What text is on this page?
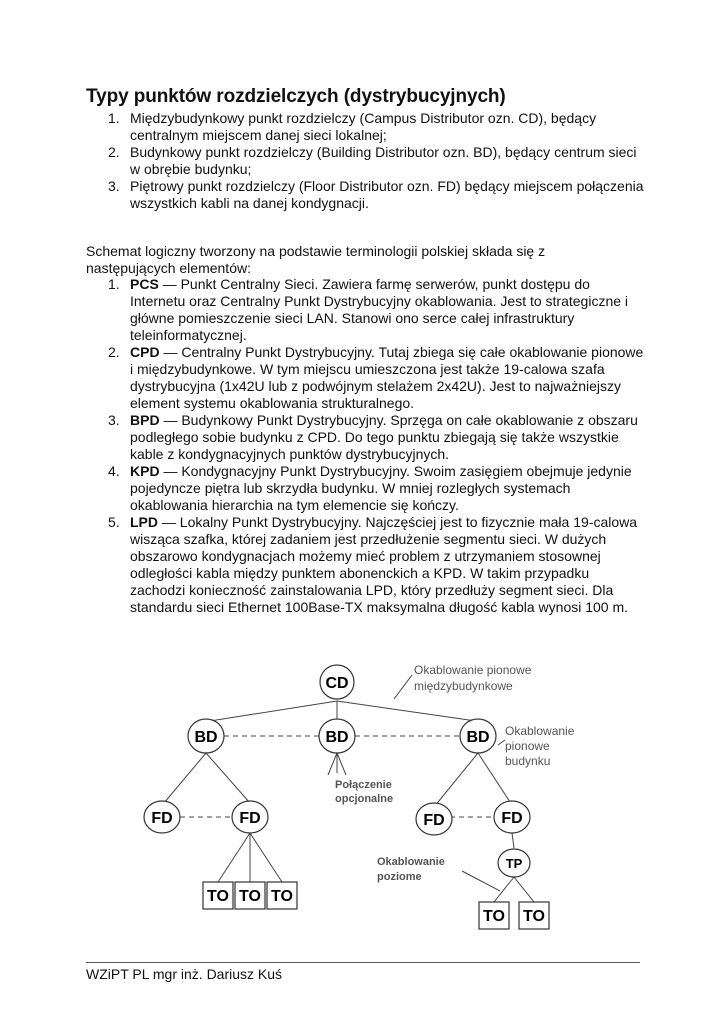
Typy punktów rozdzielczych (dystrybucyjnych)
1. Międzybudynkowy punkt rozdzielczy (Campus Distributor ozn. CD), będący centralnym miejscem danej sieci lokalnej;
2. Budynkowy punkt rozdzielczy (Building Distributor ozn. BD), będący centrum sieci w obrębie budynku;
3. Piętrowy punkt rozdzielczy (Floor Distributor ozn. FD) będący miejscem połączenia wszystkich kabli na danej kondygnacji.

Schemat logiczny tworzony na podstawie terminologii polskiej składa się z następujących elementów:

1. PCS — Punkt Centralny Sieci. Zawiera farmę serwerów, punkt dostępu do Internetu oraz Centralny Punkt Dystrybucyjny okablowania. Jest to strategiczne i główne pomieszczenie sieci LAN. Stanowi ono serce całej infrastruktury teleinformatycznej.
2. CPD — Centralny Punkt Dystrybucyjny. Tutaj zbiega się całe okablowanie pionowe i międzybudynkowe. W tym miejscu umieszczona jest także 19-calowa szafa dystrybucyjna (1x42U lub z podwójnym stelażem 2x42U). Jest to najważniejszy element systemu okablowania strukturalnego.
3. BPD — Budynkowy Punkt Dystrybucyjny. Sprzęga on całe okablowanie z obszaru podległego sobie budynku z CPD. Do tego punktu zbiegają się także wszystkie kable z kondygnacyjnych punktów dystrybucyjnych.
4. KPD — Kondygnacyjny Punkt Dystrybucyjny. Swoim zasięgiem obejmuje jedynie pojedyncze piętra lub skrzydła budynku. W mniej rozległych systemach okablowania hierarchia na tym elemencie się kończy.
5. LPD — Lokalny Punkt Dystrybucyjny. Najczęściej jest to fizycznie mała 19-calowa wisząca szafka, której zadaniem jest przedłużenie segmentu sieci. W dużych obszarowo kondygnacjach możemy mieć problem z utrzymaniem stosownej odległości kabla między punktem abonenckich a KPD. W takim przypadku zachodzi konieczność zainstalowania LPD, który przedłuży segment sieci. Dla standardu sieci Ethernet 100Base-TX maksymalna długość kabla wynosi 100 m.
CD
BD	BD	BD
FD	FD	FD	FD
TP
TO TO TO
TO TO
Okablowanie pionowe
międzybudynkowe
Okablowanie
pionowe
budynku
Połączenie
opcjonalne
Okablowanie
poziome
WZiPT PL mgr inż. Dariusz Kuś
